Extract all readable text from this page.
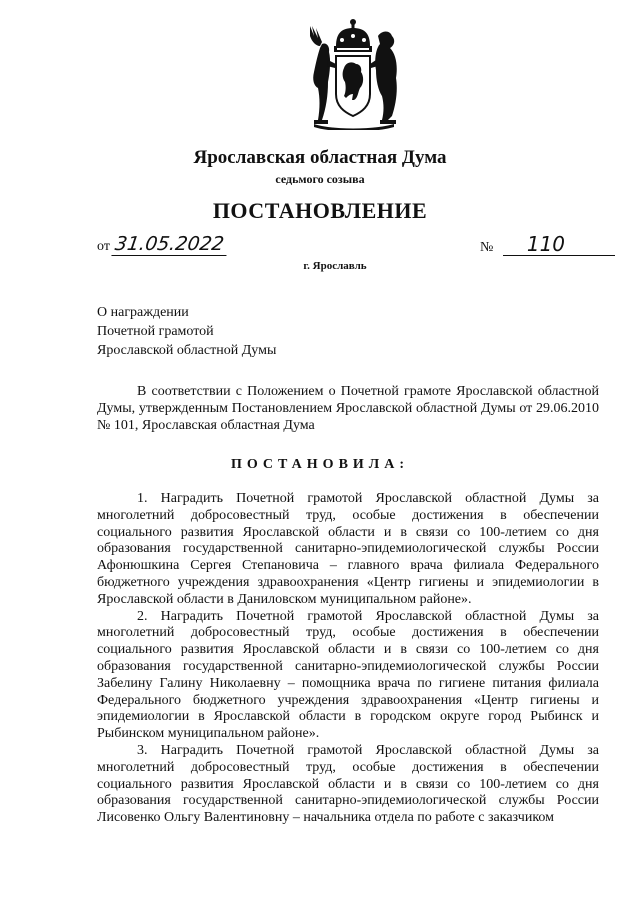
Ярославская областная Дума
седьмого созыва
ПОСТАНОВЛЕНИЕ
от 31.05.2022	№ 110
г. Ярославль
О награждении
Почетной грамотой
Ярославской областной Думы

В соответствии с Положением о Почетной грамоте Ярославской областной Думы, утвержденным Постановлением Ярославской областной Думы от 29.06.2010 № 101, Ярославская областная Дума

ПОСТАНОВИЛА:

1. Наградить Почетной грамотой Ярославской областной Думы за многолетний добросовестный труд, особые достижения в обеспечении социального развития Ярославской области и в связи со 100-летием со дня образования государственной санитарно-эпидемиологической службы России Афонюшкина Сергея Степановича – главного врача филиала Федерального бюджетного учреждения здравоохранения «Центр гигиены и эпидемиологии в Ярославской области в Даниловском муниципальном районе».

2. Наградить Почетной грамотой Ярославской областной Думы за многолетний добросовестный труд, особые достижения в обеспечении социального развития Ярославской области и в связи со 100-летием со дня образования государственной санитарно-эпидемиологической службы России Забелину Галину Николаевну – помощника врача по гигиене питания филиала Федерального бюджетного учреждения здравоохранения «Центр гигиены и эпидемиологии в Ярославской области в городском округе город Рыбинск и Рыбинском муниципальном районе».

3. Наградить Почетной грамотой Ярославской областной Думы за многолетний добросовестный труд, особые достижения в обеспечении социального развития Ярославской области и в связи со 100-летием со дня образования государственной санитарно-эпидемиологической службы России Лисовенко Ольгу Валентиновну – начальника отдела по работе с заказчиком
